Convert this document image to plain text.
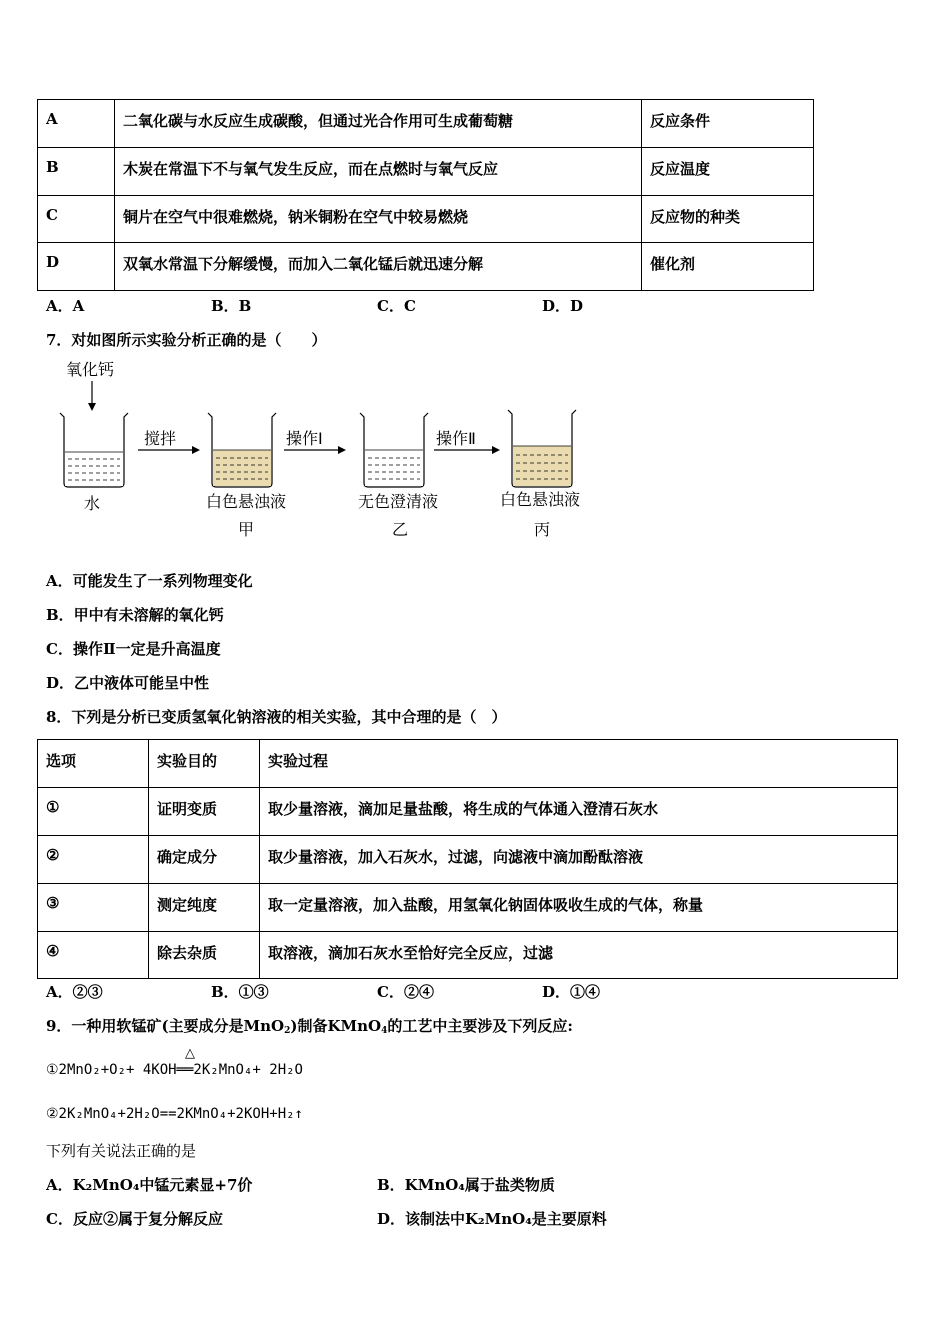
A	二氧化碳与水反应生成碳酸，但通过光合作用可生成葡萄糖	反应条件
B	木炭在常温下不与氧气发生反应，而在点燃时与氧气反应	反应温度
C	铜片在空气中很难燃烧，钠米铜粉在空气中较易燃烧	反应物的种类
D	双氧水常温下分解缓慢，而加入二氧化锰后就迅速分解	催化剂
A．A	B．B	C．C	D．D
7．对如图所示实验分析正确的是（　　）
氧化钙
水
搅拌
白色悬浊液
甲
操作Ⅰ
无色澄清液
乙
操作Ⅱ
白色悬浊液
丙
A．可能发生了一系列物理变化
B．甲中有未溶解的氧化钙
C．操作Ⅱ一定是升高温度
D．乙中液体可能呈中性
8．下列是分析已变质氢氧化钠溶液的相关实验，其中合理的是（　）
选项	实验目的	实验过程
①	证明变质	取少量溶液，滴加足量盐酸，将生成的气体通入澄清石灰水
②	确定成分	取少量溶液，加入石灰水，过滤，向滤液中滴加酚酞溶液
③	测定纯度	取一定量溶液，加入盐酸，用氢氧化钠固体吸收生成的气体，称量
④	除去杂质	取溶液，滴加石灰水至恰好完全反应，过滤
A．②③	B．①③	C．②④	D．①④
9．一种用软锰矿(主要成分是MnO$_2$)制备KMnO$_4$的工艺中主要涉及下列反应:
△
①2MnO₂+O₂+ 4KOH══2K₂MnO₄+ 2H₂O
②2K₂MnO₄+2H₂O==2KMnO₄+2KOH+H₂↑
下列有关说法正确的是
A．K₂MnO₄中锰元素显+7价	B．KMnO₄属于盐类物质
C．反应②属于复分解反应	D．该制法中K₂MnO₄是主要原料
